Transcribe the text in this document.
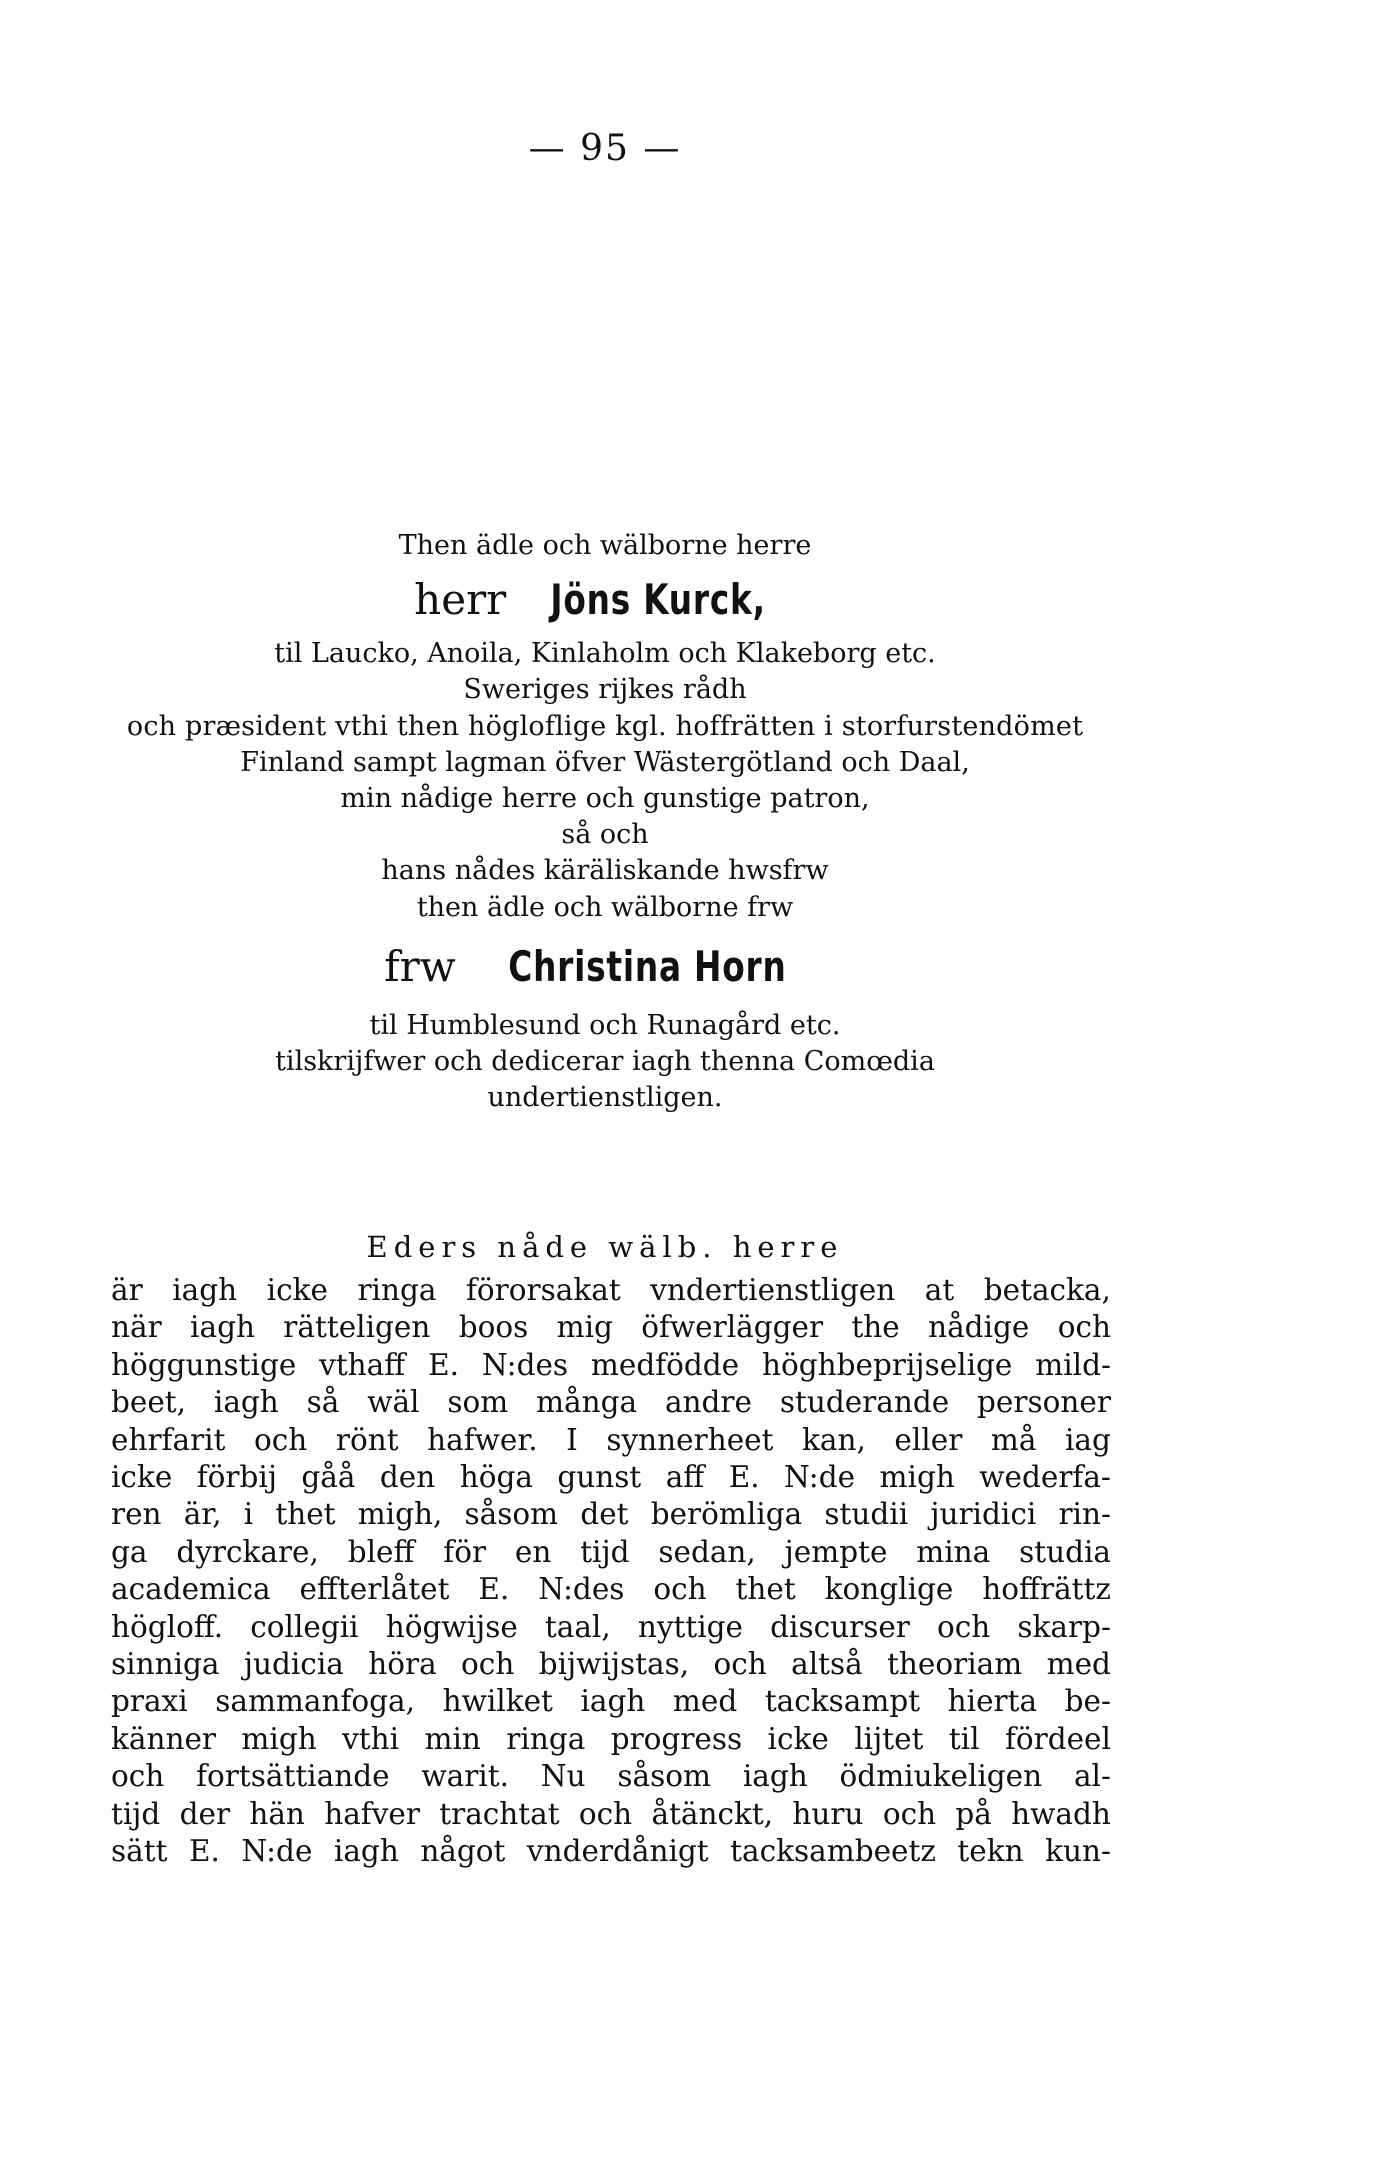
— 95 —
Then ädle och wälborne herre
herr Jöns Kurck,
til Laucko, Anoila, Kinlaholm och Klakeborg etc.
Sweriges rijkes rådh
och præsident vthi then högloflige kgl. hoffrätten i storfurstendömet
Finland sampt lagman öfver Wästergötland och Daal,
min nådige herre och gunstige patron,
så och
hans nådes käräliskande hwsfrw
then ädle och wälborne frw
frw Christina Horn
til Humblesund och Runagård etc.
tilskrijfwer och dedicerar iagh thenna Comœdia
undertienstligen.
Eders nåde wälb. herre
är iagh icke ringa förorsakat vndertienstligen at betacka,
när iagh rätteligen boos mig öfwerlägger the nådige och
höggunstige vthaff E. N:des medfödde höghbeprijselige mild-
beet, iagh så wäl som många andre studerande personer
ehrfarit och rönt hafwer. I synnerheet kan, eller må iag
icke förbij gåå den höga gunst aff E. N:de migh wederfa-
ren är, i thet migh, såsom det berömliga studii juridici rin-
ga dyrckare, bleff för en tijd sedan, jempte mina studia
academica effterlåtet E. N:des och thet konglige hoffrättz
högloff. collegii högwijse taal, nyttige discurser och skarp-
sinniga judicia höra och bijwijstas, och altså theoriam med
praxi sammanfoga, hwilket iagh med tacksampt hierta be-
känner migh vthi min ringa progress icke lijtet til fördeel
och fortsättiande warit. Nu såsom iagh ödmiukeligen al-
tijd der hän hafver trachtat och åtänckt, huru och på hwadh
sätt E. N:de iagh något vnderdånigt tacksambeetz tekn kun-
